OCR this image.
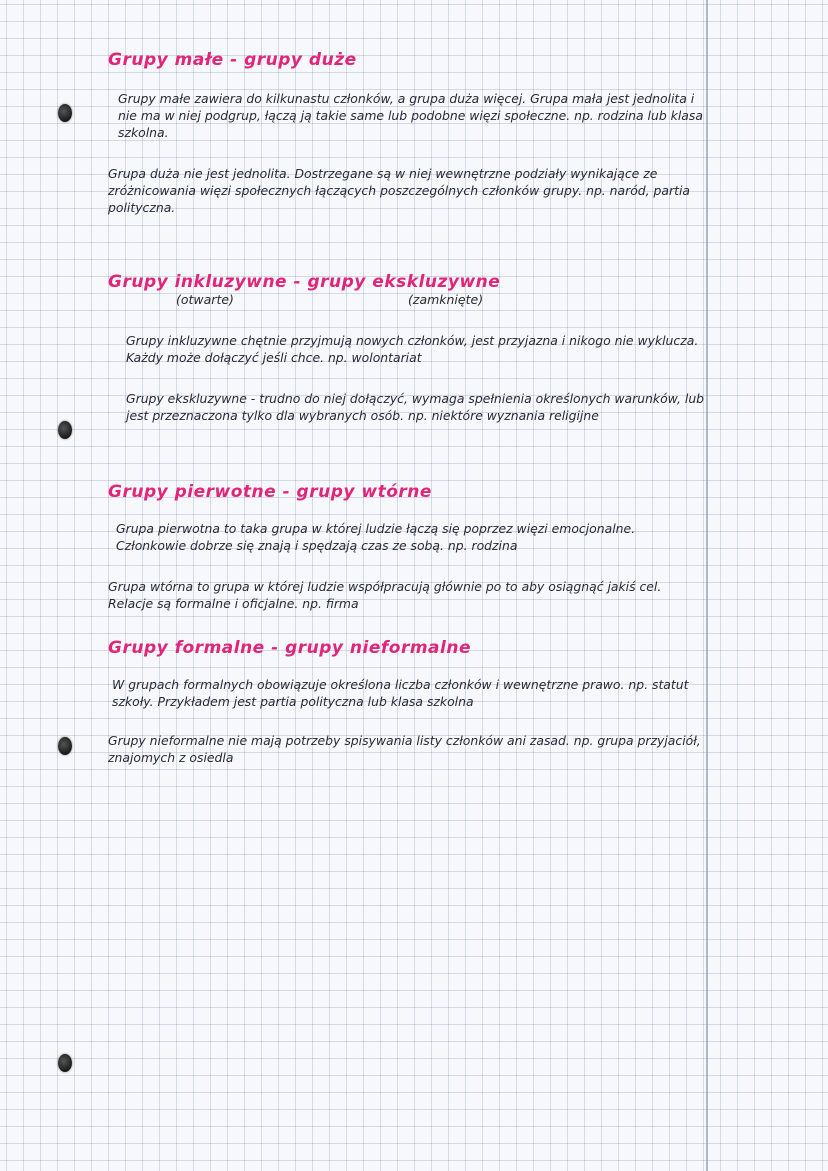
Grupy małe - grupy duże

Grupy małe zawiera do kilkunastu członków, a grupa duża więcej. Grupa mała jest jednolita i nie ma w niej podgrup, łączą ją takie same lub podobne więzi społeczne. np. rodzina lub klasa szkolna.

Grupa duża nie jest jednolita. Dostrzegane są w niej wewnętrzne podziały wynikające ze zróżnicowania więzi społecznych łączących poszczególnych członków grupy. np. naród, partia polityczna.

Grupy inkluzywne - grupy ekskluzywne
(otwarte)	(zamknięte)

Grupy inkluzywne chętnie przyjmują nowych członków, jest przyjazna i nikogo nie wyklucza. Każdy może dołączyć jeśli chce. np. wolontariat

Grupy ekskluzywne - trudno do niej dołączyć, wymaga spełnienia określonych warunków, lub jest przeznaczona tylko dla wybranych osób. np. niektóre wyznania religijne

Grupy pierwotne - grupy wtórne

Grupa pierwotna to taka grupa w której ludzie łączą się poprzez więzi emocjonalne. Członkowie dobrze się znają i spędzają czas ze sobą. np. rodzina

Grupa wtórna to grupa w której ludzie współpracują głównie po to aby osiągnąć jakiś cel. Relacje są formalne i oficjalne. np. firma

Grupy formalne - grupy nieformalne

W grupach formalnych obowiązuje określona liczba członków i wewnętrzne prawo. np. statut szkoły. Przykładem jest partia polityczna lub klasa szkolna

Grupy nieformalne nie mają potrzeby spisywania listy członków ani zasad. np. grupa przyjaciół, znajomych z osiedla
